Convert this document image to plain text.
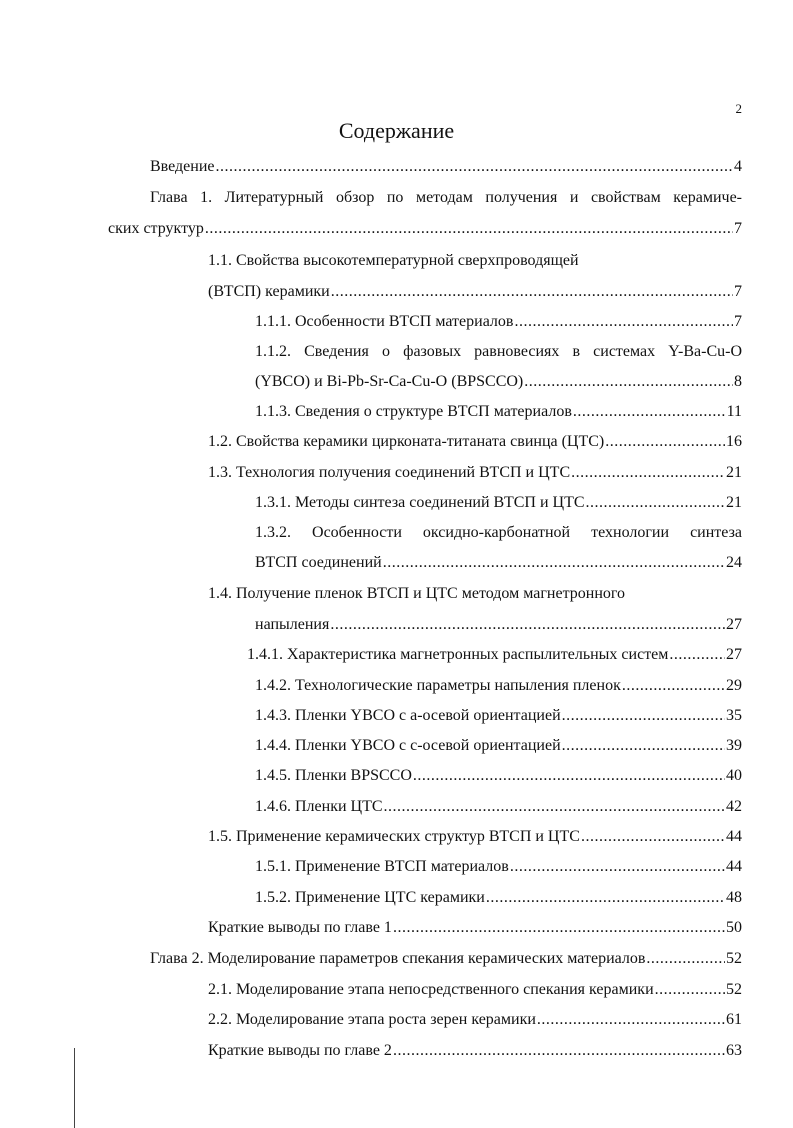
2
Содержание
Введение .....	4
Глава 1. Литературный обзор по методам получения и свойствам керамиче-
ских структур .....	7
1.1. Свойства высокотемпературной сверхпроводящей
(ВТСП) керамики .....	7
1.1.1. Особенности ВТСП материалов .....	7
1.1.2. Сведения о фазовых равновесиях в системах Y-Ba-Cu-O
(YBCO) и Bi-Pb-Sr-Ca-Cu-O (BPSCCO) .....	8
1.1.3. Сведения о структуре ВТСП материалов .....	11
1.2. Свойства керамики цирконата-титаната свинца (ЦТС) .....	16
1.3. Технология получения соединений ВТСП и ЦТС .....	21
1.3.1. Методы синтеза соединений ВТСП и ЦТС .....	21
1.3.2. Особенности оксидно-карбонатной технологии синтеза
ВТСП соединений .....	24
1.4. Получение пленок ВТСП и ЦТС методом магнетронного
напыления .....	27
1.4.1. Характеристика магнетронных распылительных систем .....	27
1.4.2. Технологические параметры напыления пленок .....	29
1.4.3. Пленки YBCO с a-осевой ориентацией .....	35
1.4.4. Пленки YBCO с c-осевой ориентацией .....	39
1.4.5. Пленки BPSCCO .....	40
1.4.6. Пленки ЦТС .....	42
1.5. Применение керамических структур ВТСП и ЦТС .....	44
1.5.1. Применение ВТСП материалов .....	44
1.5.2. Применение ЦТС керамики .....	48
Краткие выводы по главе 1 .....	50
Глава 2. Моделирование параметров спекания керамических материалов .....	52
2.1. Моделирование этапа непосредственного спекания керамики .....	52
2.2. Моделирование этапа роста зерен керамики .....	61
Краткие выводы по главе 2 .....	63
